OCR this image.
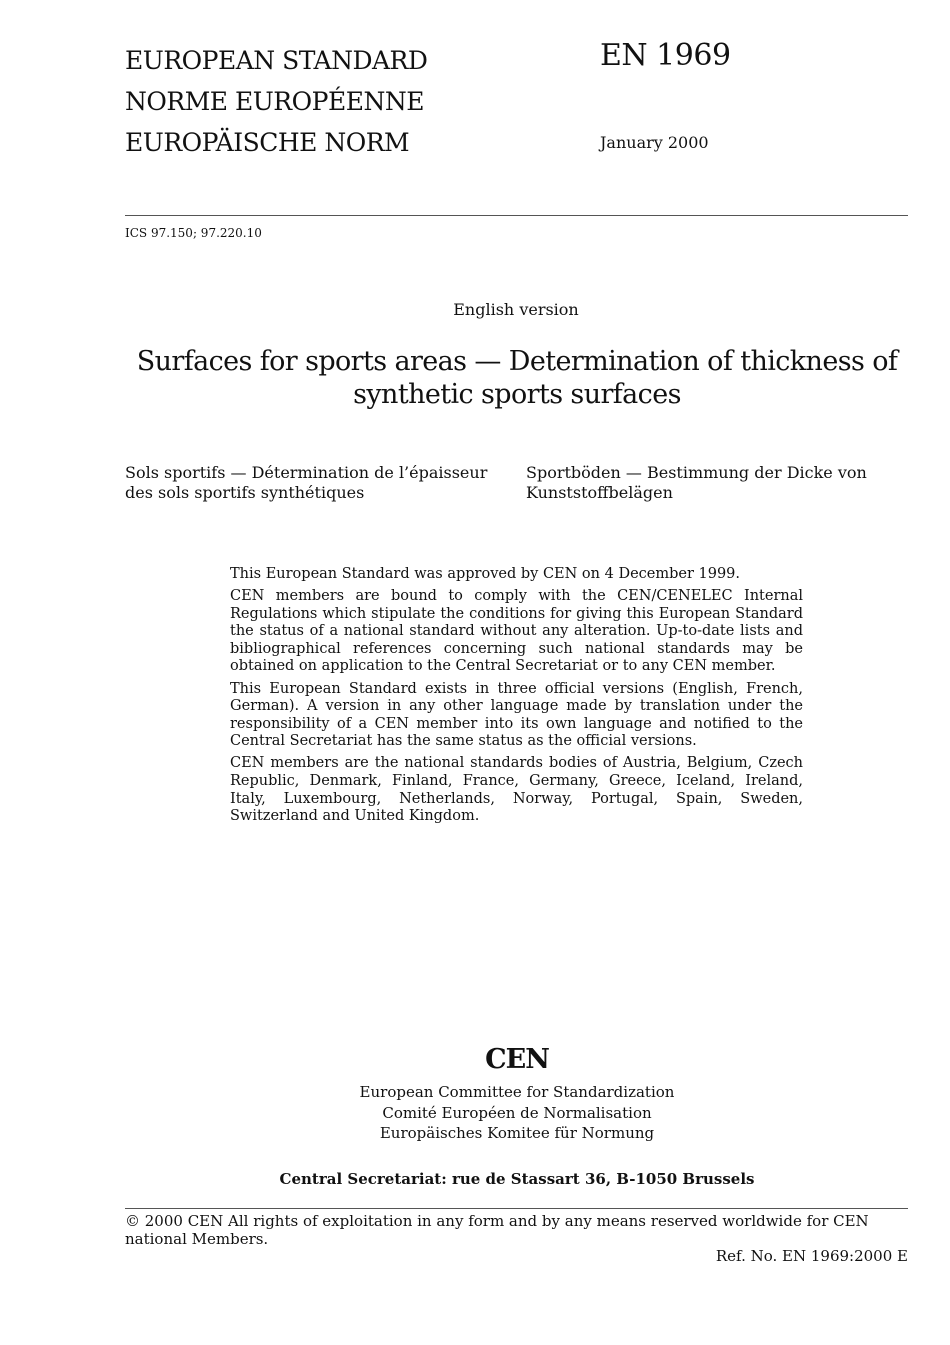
EUROPEAN STANDARD
NORME EUROPÉENNE
EUROPÄISCHE NORM
EN 1969
January 2000
ICS 97.150; 97.220.10
English version
Surfaces for sports areas — Determination of thickness of synthetic sports surfaces
Sols sportifs — Détermination de l’épaisseur des sols sportifs synthétiques
Sportböden — Bestimmung der Dicke von Kunststoffbelägen

This European Standard was approved by CEN on 4 December 1999.

CEN members are bound to comply with the CEN/CENELEC Internal Regulations which stipulate the conditions for giving this European Standard the status of a national standard without any alteration. Up-to-date lists and bibliographical references concerning such national standards may be obtained on application to the Central Secretariat or to any CEN member.

This European Standard exists in three official versions (English, French, German). A version in any other language made by translation under the responsibility of a CEN member into its own language and notified to the Central Secretariat has the same status as the official versions.

CEN members are the national standards bodies of Austria, Belgium, Czech Republic, Denmark, Finland, France, Germany, Greece, Iceland, Ireland, Italy, Luxembourg, Netherlands, Norway, Portugal, Spain, Sweden, Switzerland and United Kingdom.

CEN
European Committee for Standardization
Comité Européen de Normalisation
Europäisches Komitee für Normung
Central Secretariat: rue de Stassart 36, B-1050 Brussels
© 2000 CEN All rights of exploitation in any form and by any means reserved worldwide for CEN national Members.
Ref. No. EN 1969:2000 E
